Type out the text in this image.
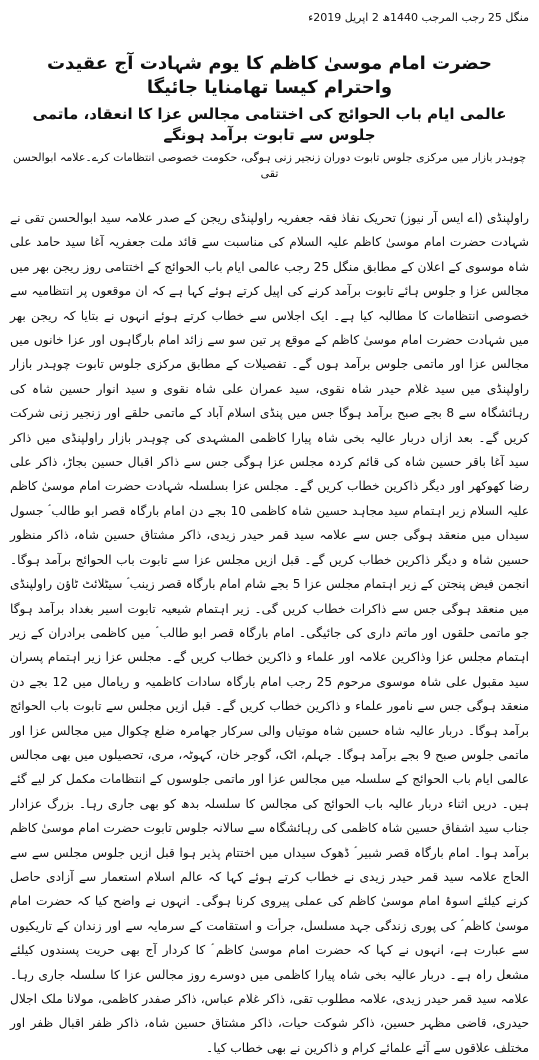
منگل 25 رجب المرجب 1440ھ 2 اپریل 2019ء
حضرت امام موسیٰ کاظم کا یوم شہادت آج عقیدت واحترام کیسا تھامنایا جائیگا
عالمی ایام باب الحوائج کی اختتامی مجالس عزا کا انعقاد، ماتمی جلوس سے تابوت برآمد ہونگے
چوہدر بازار میں مرکزی جلوس تابوت دوران زنجیر زنی ہوگی، حکومت خصوصی انتظامات کرے۔علامہ ابوالحسن تقی

راولپنڈی (اے ایس آر نیوز) تحریک نفاذ فقہ جعفریہ راولپنڈی ریجن کے صدر علامہ سید ابوالحسن تقی نے شہادت حضرت امام موسیٰ کاظم علیہ السلام کی مناسبت سے قائد ملت جعفریہ آغا سید حامد علی شاہ موسوی کے اعلان کے مطابق منگل 25 رجب عالمی ایام باب الحوائج کے اختتامی روز ریجن بھر میں مجالس عزا و جلوس ہائے تابوت برآمد کرنے کی اپیل کرتے ہوئے کہا ہے کہ ان موقعوں پر انتظامیہ سے خصوصی انتظامات کا مطالبہ کیا ہے۔ ایک اجلاس سے خطاب کرتے ہوئے انہوں نے بتایا کہ ریجن بھر میں شہادت حضرت امام موسیٰ کاظم کے موقع پر تین سو سے زائد امام بارگاہوں اور عزا خانوں میں مجالس عزا اور ماتمی جلوس برآمد ہوں گے۔ تفصیلات کے مطابق مرکزی جلوس تابوت چوہدر بازار راولپنڈی میں سید غلام حیدر شاہ نقوی، سید عمران علی شاہ نقوی و سید انوار حسین شاہ کی رہائشگاہ سے 8 بجے صبح برآمد ہوگا جس میں پنڈی اسلام آباد کے ماتمی حلقے اور زنجیر زنی شرکت کریں گے۔ بعد ازاں دربار عالیہ بخی شاہ پیارا کاظمی المشہدی کی چوہدر بازار راولپنڈی میں ذاکر سید آغا باقر حسین شاہ کی قائم کردہ مجلس عزا ہوگی جس سے ذاکر اقبال حسین بجاڑ، ذاکر علی رضا کھوکھر اور دیگر ذاکرین خطاب کریں گے۔ مجلس عزا بسلسلہ شہادت حضرت امام موسیٰ کاظم علیہ السلام زیر اہتمام سید مجاہد حسین شاہ کاظمی 10 بجے دن امام بارگاہ قصر ابو طالب ؑ جسول سیداں میں منعقد ہوگی جس سے علامہ سید قمر حیدر زیدی، ذاکر مشتاق حسین شاہ، ذاکر منظور حسین شاہ و دیگر ذاکرین خطاب کریں گے۔ قبل ازیں مجلس عزا سے تابوت باب الحوائج برآمد ہوگا۔ انجمن فیض پنجتن کے زیر اہتمام مجلس عزا 5 بجے شام امام بارگاہ قصر زینب ؑ سیٹلائٹ ٹاؤن راولپنڈی میں منعقد ہوگی جس سے ذاکرات خطاب کریں گی۔ زیر اہتمام شیعیہ تابوت اسیر بغداد برآمد ہوگا جو ماتمی حلقوں اور ماتم داری کی جائیگی۔ امام بارگاہ قصر ابو طالب ؑ میں کاظمی برادران کے زیر اہتمام مجلس عزا وذاکرین علامہ اور علماء و ذاکرین خطاب کریں گے۔ مجلس عزا زیر اہتمام پسران سید مقبول علی شاہ موسوی مرحوم 25 رجب امام بارگاہ سادات کاظمیہ و ریامال میں 12 بجے دن منعقد ہوگی جس سے نامور علماء و ذاکرین خطاب کریں گے۔ قبل ازیں مجلس سے تابوت باب الحوائج برآمد ہوگا۔ دربار عالیہ شاہ حسین شاہ موتیاں والی سرکار جھامرہ ضلع چکوال میں مجالس عزا اور ماتمی جلوس صبح 9 بجے برآمد ہوگا۔ جہلم، اٹک، گوجر خان، کہوٹہ، مری، تحصیلوں میں بھی مجالس عالمی ایام باب الحوائج کے سلسلہ میں مجالس عزا اور ماتمی جلوسوں کے انتظامات مکمل کر لیے گئے ہیں۔ دریں اثناء دربار عالیہ باب الحوائج کی مجالس کا سلسلہ بدھ کو بھی جاری رہا۔ بزرگ عزادار جناب سید اشفاق حسین شاہ کاظمی کی رہائشگاہ سے سالانہ جلوس تابوت حضرت امام موسیٰ کاظم برآمد ہوا۔ امام بارگاہ قصر شبیر ؑ ڈھوک سیداں میں اختتام پذیر ہوا قبل ازیں جلوس مجلس سے سے الحاج علامہ سید قمر حیدر زیدی نے خطاب کرتے ہوئے کہا کہ عالم اسلام استعمار سے آزادی حاصل کرنے کیلئے اسوۂ امام موسیٰ کاظم کی عملی پیروی کرنا ہوگی۔ انہوں نے واضح کیا کہ حضرت امام موسیٰ کاظم ؑ کی پوری زندگی جہد مسلسل، جرأت و استقامت کے سرمایہ سے اور زندان کے تاریکیوں سے عبارت ہے، انہوں نے کہا کہ حضرت امام موسیٰ کاظم ؑ کا کردار آج بھی حریت پسندوں کیلئے مشعل راہ ہے۔ دربار عالیہ بخی شاہ پیارا کاظمی میں دوسرے روز مجالس عزا کا سلسلہ جاری رہا۔ علامہ سید قمر حیدر زیدی، علامہ مطلوب تقی، ذاکر غلام عباس، ذاکر صفدر کاظمی، مولانا ملک اجلال حیدری، قاضی مظہر حسین، ذاکر شوکت حیات، ذاکر مشتاق حسین شاہ، ذاکر ظفر اقبال ظفر اور مختلف علاقوں سے آئے علمائے کرام و ذاکرین نے بھی خطاب کیا۔
